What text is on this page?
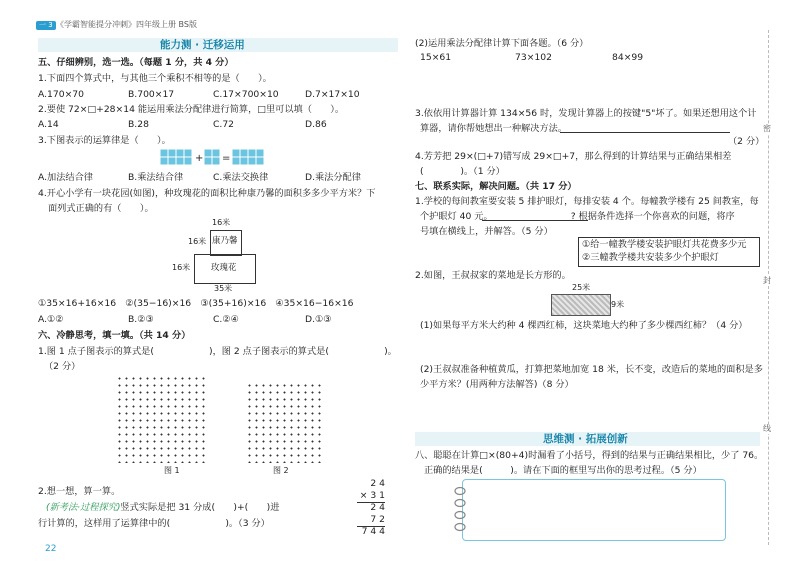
一 3 《学霸智能提分冲刺》四年级上册 BS版
能力测 · 迁移运用
五、仔细辨别，选一选。（每题 1 分，共 4 分）
1.下面四个算式中，与其他三个乘积不相等的是（　　）。
A.170×70	B.700×17	C.17×700×10	D.7×17×10
2.要使 72×□+28×14 能运用乘法分配律进行简算，□里可以填（　　）。
A.14	B.28	C.72	D.86
3.下图表示的运算律是（　　）。
+ =
A.加法结合律	B.乘法结合律	C.乘法交换律	D.乘法分配律
4.开心小学有一块花园(如图)，种玫瑰花的面积比种康乃馨的面积多多少平方米？下
面列式正确的有（　　）。
16米
康乃馨
16米
玫瑰花
16米
35米
①35×16+16×16　②(35−16)×16　③(35+16)×16　④35×16−16×16
A.①②	B.②③	C.②④	D.①③
六、冷静思考，填一填。（共 14 分）
1.图 1 点子图表示的算式是(　　　　　　)，图 2 点子图表示的算式是(　　　　　　)。
（2 分）
图 1	图 2
2.想一想，算一算。
(新考法·过程探究)竖式实际是把 31 分成(　　)+(　　)进
行计算的，这样用了运算律中的(　　　　　　)。（3 分）
2 4
× 3 1
2 4
7 2
7 4 4
22
(2)运用乘法分配律计算下面各题。（6 分）
15×61	73×102	84×99
3.依依用计算器计算 134×56 时，发现计算器上的按键"5"坏了。如果还想用这个计
算器，请你帮她想出一种解决方法。
（2 分）
4.芳芳把 29×(□+7)错写成 29×□+7，那么得到的计算结果与正确结果相差
(　　　　)。（1 分）
七、联系实际，解决问题。（共 17 分）
1.学校的每间教室要安装 5 排护眼灯，每排安装 4 个。每幢教学楼有 25 间教室，每
个护眼灯 40 元。　　　　　　　　　? 根据条件选择一个你喜欢的问题，将序
号填在横线上，并解答。（5 分）
①给一幢教学楼安装护眼灯共花费多少元
②三幢教学楼共安装多少个护眼灯
2.如图，王叔叔家的菜地是长方形的。
25米
9米
(1)如果每平方米大约种 4 棵西红柿，这块菜地大约种了多少棵西红柿？（4 分）
(2)王叔叔准备种植黄瓜，打算把菜地加宽 18 米，长不变，改造后的菜地的面积是多
少平方米？(用两种方法解答)（8 分）
思维测 · 拓展创新
八、聪聪在计算□×(80+4)时漏看了小括号，得到的结果与正确结果相比，少了 76。
正确的结果是(　　　)。请在下面的框里写出你的思考过程。（5 分）
密
封
线
